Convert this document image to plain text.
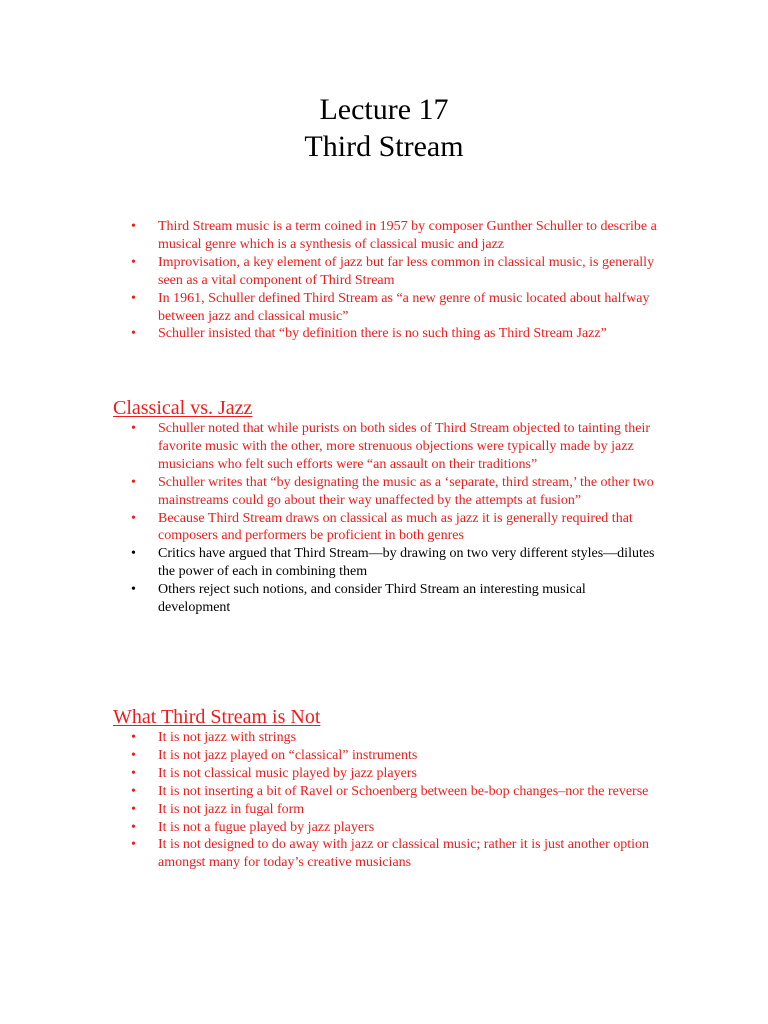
Lecture 17
Third Stream
• Third Stream music is a term coined in 1957 by composer Gunther Schuller to describe a musical genre which is a synthesis of classical music and jazz
• Improvisation, a key element of jazz but far less common in classical music, is generally seen as a vital component of Third Stream
• In 1961, Schuller defined Third Stream as “a new genre of music located about halfway between jazz and classical music”
• Schuller insisted that “by definition there is no such thing as Third Stream Jazz”
Classical vs. Jazz
• Schuller noted that while purists on both sides of Third Stream objected to tainting their favorite music with the other, more strenuous objections were typically made by jazz musicians who felt such efforts were “an assault on their traditions”
• Schuller writes that “by designating the music as a ‘separate, third stream,’ the other two mainstreams could go about their way unaffected by the attempts at fusion”
• Because Third Stream draws on classical as much as jazz it is generally required that composers and performers be proficient in both genres
• Critics have argued that Third Stream—by drawing on two very different styles—dilutes the power of each in combining them
• Others reject such notions, and consider Third Stream an interesting musical development
What Third Stream is Not
• It is not jazz with strings
• It is not jazz played on “classical” instruments
• It is not classical music played by jazz players
• It is not inserting a bit of Ravel or Schoenberg between be-bop changes–nor the reverse
• It is not jazz in fugal form
• It is not a fugue played by jazz players
• It is not designed to do away with jazz or classical music; rather it is just another option amongst many for today’s creative musicians
